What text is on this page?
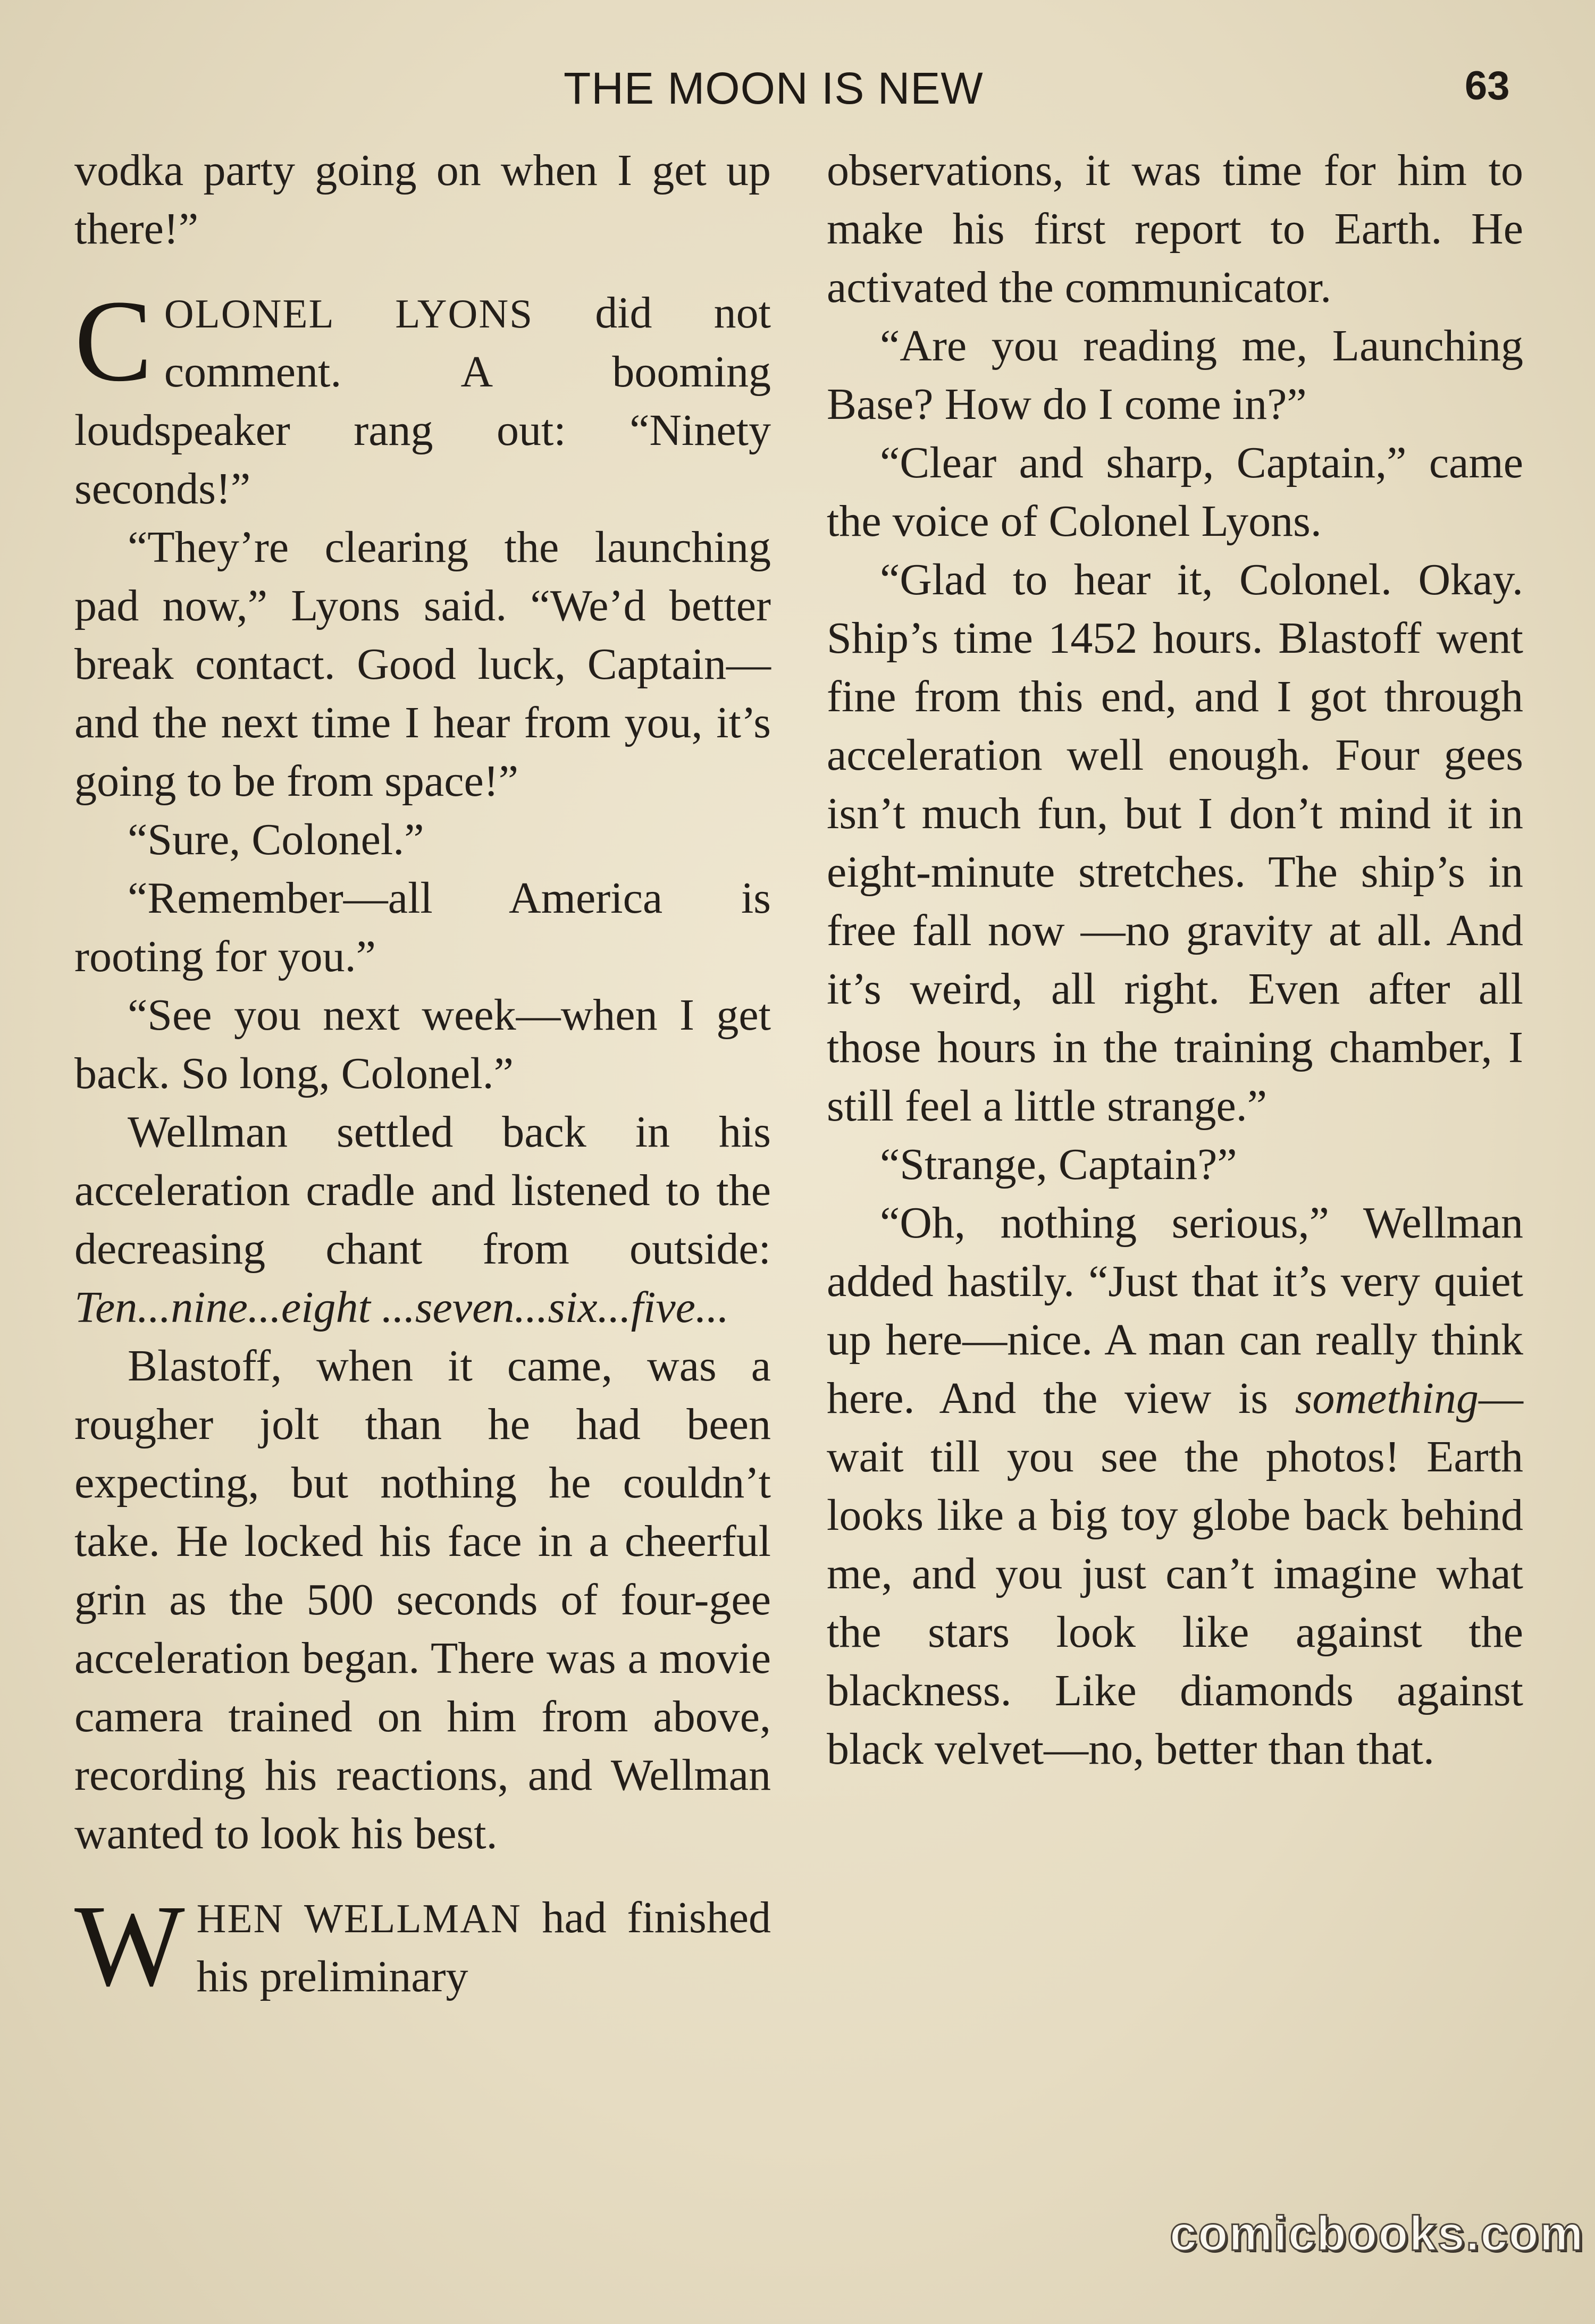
THE MOON IS NEW	63

vodka party going on when I get up there!”

COLONEL LYONS did not comment. A booming loudspeaker rang out: “Ninety seconds!”

“They’re clearing the launching pad now,” Lyons said. “We’d better break contact. Good luck, Captain—and the next time I hear from you, it’s going to be from space!”

“Sure, Colonel.”

“Remember—all America is rooting for you.”

“See you next week—when I get back. So long, Colonel.”

Wellman settled back in his acceleration cradle and listened to the decreasing chant from outside: Ten...nine...eight ...seven...six...five...

Blastoff, when it came, was a rougher jolt than he had been expecting, but nothing he couldn’t take. He locked his face in a cheerful grin as the 500 seconds of four-gee acceleration began. There was a movie camera trained on him from above, recording his reactions, and Wellman wanted to look his best.

WHEN WELLMAN had finished his preliminary

observations, it was time for him to make his first report to Earth. He activated the communicator.

“Are you reading me, Launching Base? How do I come in?”

“Clear and sharp, Captain,” came the voice of Colonel Lyons.

“Glad to hear it, Colonel. Okay. Ship’s time 1452 hours. Blastoff went fine from this end, and I got through acceleration well enough. Four gees isn’t much fun, but I don’t mind it in eight-minute stretches. The ship’s in free fall now —no gravity at all. And it’s weird, all right. Even after all those hours in the training chamber, I still feel a little strange.”

“Strange, Captain?”

“Oh, nothing serious,” Wellman added hastily. “Just that it’s very quiet up here—nice. A man can really think here. And the view is something— wait till you see the photos! Earth looks like a big toy globe back behind me, and you just can’t imagine what the stars look like against the blackness. Like diamonds against black velvet—no, better than that.

comicbooks.com
